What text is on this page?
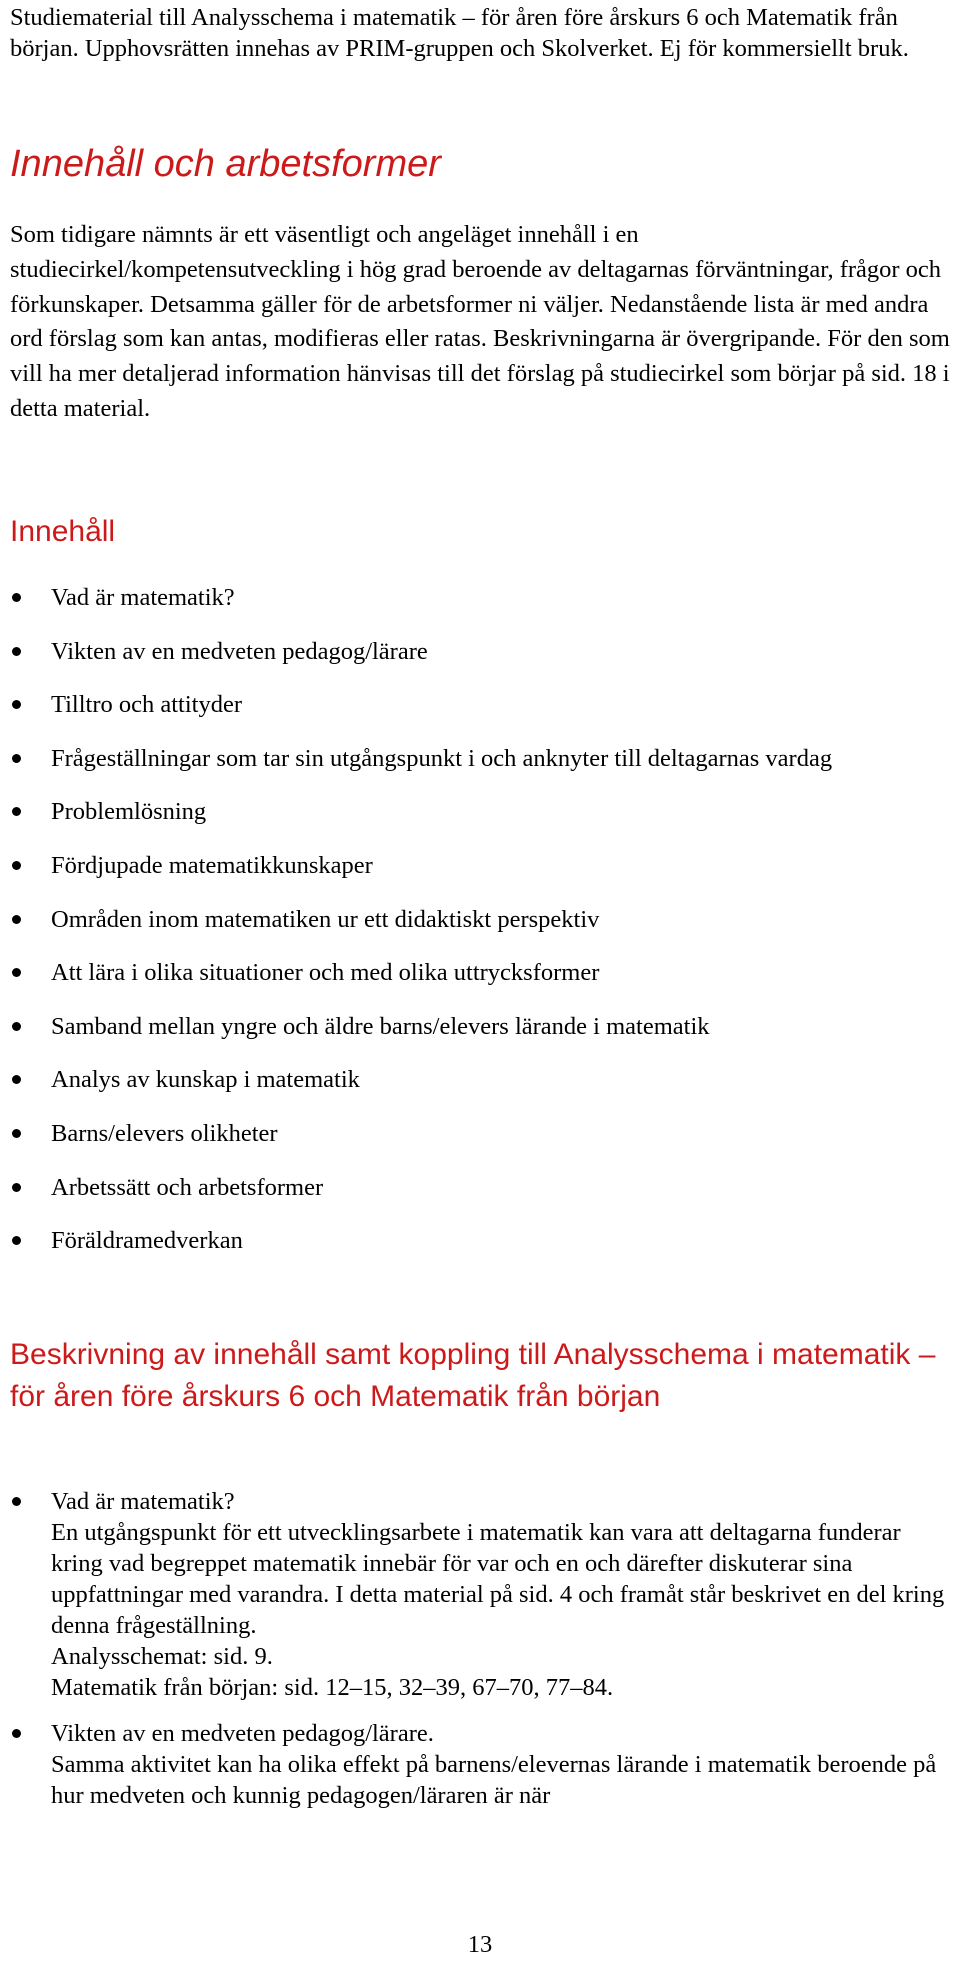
Studiematerial till Analysschema i matematik – för åren före årskurs 6 och Matematik från början. Upphovsrätten innehas av PRIM-gruppen och Skolverket. Ej för kommersiellt bruk.

Innehåll och arbetsformer

Som tidigare nämnts är ett väsentligt och angeläget innehåll i en studiecirkel/kompetensutveckling i hög grad beroende av deltagarnas förväntningar, frågor och förkunskaper. Detsamma gäller för de arbetsformer ni väljer. Nedanstående lista är med andra ord förslag som kan antas, modifieras eller ratas. Beskrivningarna är övergripande. För den som vill ha mer detaljerad information hänvisas till det förslag på studiecirkel som börjar på sid. 18 i detta material.

Innehåll
Vad är matematik?
Vikten av en medveten pedagog/lärare
Tilltro och attityder
Frågeställningar som tar sin utgångspunkt i och anknyter till deltagarnas vardag
Problemlösning
Fördjupade matematikkunskaper
Områden inom matematiken ur ett didaktiskt perspektiv
Att lära i olika situationer och med olika uttrycksformer
Samband mellan yngre och äldre barns/elevers lärande i matematik
Analys av kunskap i matematik
Barns/elevers olikheter
Arbetssätt och arbetsformer
Föräldramedverkan
Beskrivning av innehåll samt koppling till Analysschema i matematik – för åren före årskurs 6 och Matematik från början
Vad är matematik?
En utgångspunkt för ett utvecklingsarbete i matematik kan vara att deltagarna funderar kring vad begreppet matematik innebär för var och en och därefter diskuterar sina uppfattningar med varandra. I detta material på sid. 4 och framåt står beskrivet en del kring denna frågeställning.
Analysschemat: sid. 9.
Matematik från början: sid. 12–15, 32–39, 67–70, 77–84.
Vikten av en medveten pedagog/lärare.
Samma aktivitet kan ha olika effekt på barnens/elevernas lärande i matematik beroende på hur medveten och kunnig pedagogen/läraren är när
13
